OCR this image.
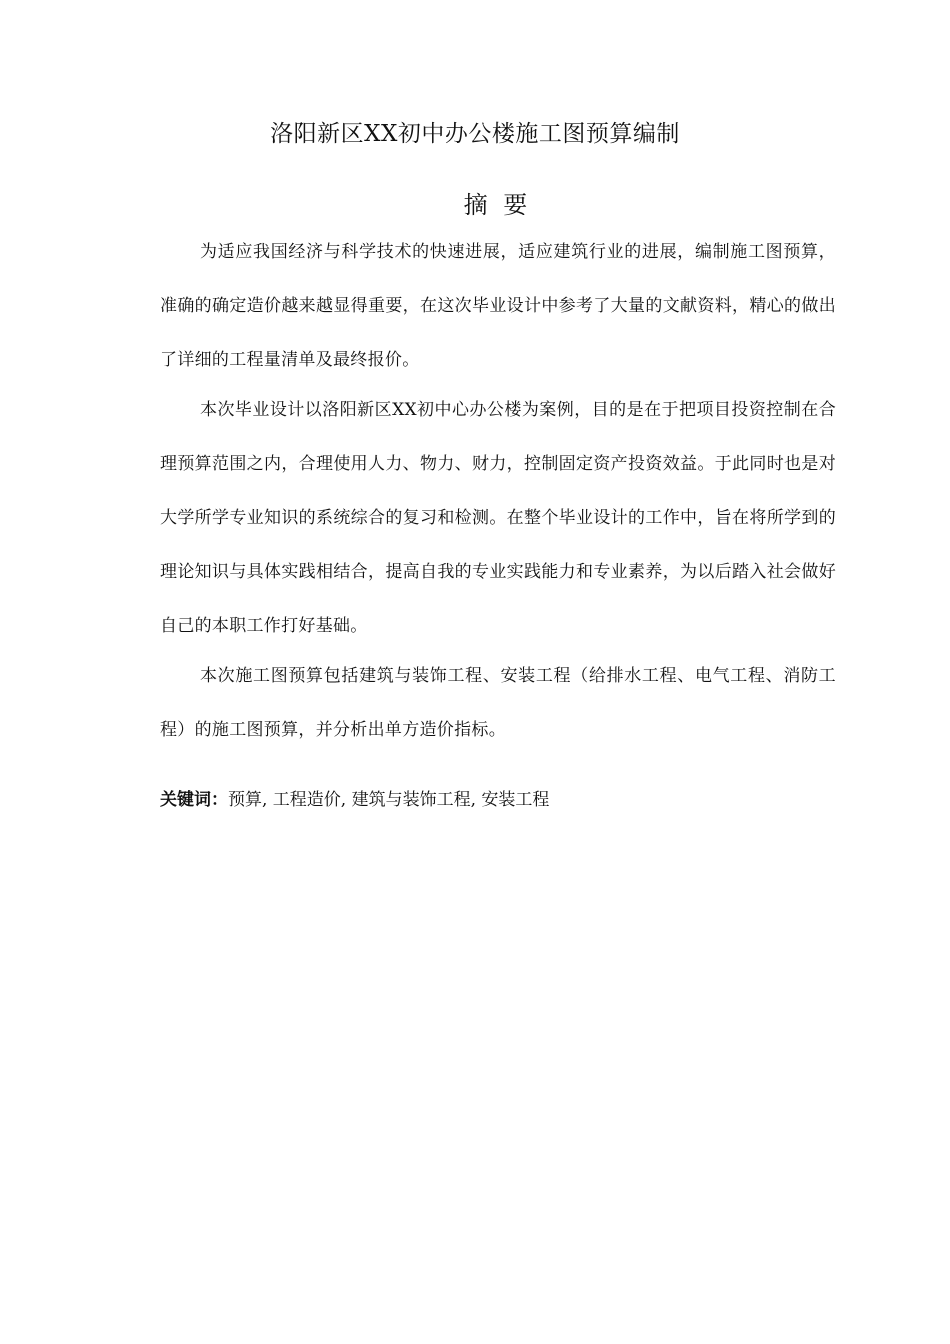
洛阳新区XX初中办公楼施工图预算编制
摘 要

为适应我国经济与科学技术的快速进展，适应建筑行业的进展，编制施工图预算，准确的确定造价越来越显得重要，在这次毕业设计中参考了大量的文献资料，精心的做出了详细的工程量清单及最终报价。

本次毕业设计以洛阳新区XX初中心办公楼为案例，目的是在于把项目投资控制在合理预算范围之内，合理使用人力、物力、财力，控制固定资产投资效益。于此同时也是对大学所学专业知识的系统综合的复习和检测。在整个毕业设计的工作中，旨在将所学到的理论知识与具体实践相结合，提高自我的专业实践能力和专业素养，为以后踏入社会做好自己的本职工作打好基础。

本次施工图预算包括建筑与装饰工程、安装工程（给排水工程、电气工程、消防工程）的施工图预算，并分析出单方造价指标。

关键词：预算, 工程造价, 建筑与装饰工程, 安装工程
